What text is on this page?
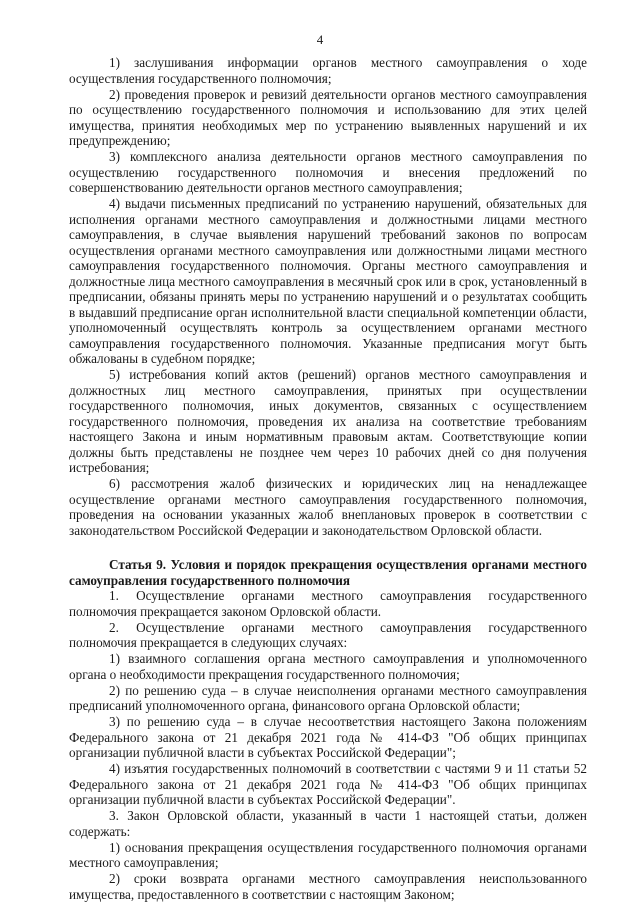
4

1) заслушивания информации органов местного самоуправления о ходе осуществления государственного полномочия;

2) проведения проверок и ревизий деятельности органов местного самоуправления по осуществлению государственного полномочия и использованию для этих целей имущества, принятия необходимых мер по устранению выявленных нарушений и их предупреждению;

3) комплексного анализа деятельности органов местного самоуправления по осуществлению государственного полномочия и внесения предложений по совершенствованию деятельности органов местного самоуправления;

4) выдачи письменных предписаний по устранению нарушений, обязательных для исполнения органами местного самоуправления и должностными лицами местного самоуправления, в случае выявления нарушений требований законов по вопросам осуществления органами местного самоуправления или должностными лицами местного самоуправления государственного полномочия. Органы местного самоуправления и должностные лица местного самоуправления в месячный срок или в срок, установленный в предписании, обязаны принять меры по устранению нарушений и о результатах сообщить в выдавший предписание орган исполнительной власти специальной компетенции области, уполномоченный осуществлять контроль за осуществлением органами местного самоуправления государственного полномочия. Указанные предписания могут быть обжалованы в судебном порядке;

5) истребования копий актов (решений) органов местного самоуправления и должностных лиц местного самоуправления, принятых при осуществлении государственного полномочия, иных документов, связанных с осуществлением государственного полномочия, проведения их анализа на соответствие требованиям настоящего Закона и иным нормативным правовым актам. Соответствующие копии должны быть представлены не позднее чем через 10 рабочих дней со дня получения истребования;

6) рассмотрения жалоб физических и юридических лиц на ненадлежащее осуществление органами местного самоуправления государственного полномочия, проведения на основании указанных жалоб внеплановых проверок в соответствии с законодательством Российской Федерации и законодательством Орловской области.

Статья 9. Условия и порядок прекращения осуществления органами местного самоуправления государственного полномочия

1. Осуществление органами местного самоуправления государственного полномочия прекращается законом Орловской области.

2. Осуществление органами местного самоуправления государственного полномочия прекращается в следующих случаях:

1) взаимного соглашения органа местного самоуправления и уполномоченного органа о необходимости прекращения государственного полномочия;

2) по решению суда – в случае неисполнения органами местного самоуправления предписаний уполномоченного органа, финансового органа Орловской области;

3) по решению суда – в случае несоответствия настоящего Закона положениям Федерального закона от 21 декабря 2021 года № 414-ФЗ "Об общих принципах организации публичной власти в субъектах Российской Федерации";

4) изъятия государственных полномочий в соответствии с частями 9 и 11 статьи 52 Федерального закона от 21 декабря 2021 года № 414-ФЗ "Об общих принципах организации публичной власти в субъектах Российской Федерации".

3. Закон Орловской области, указанный в части 1 настоящей статьи, должен содержать:

1) основания прекращения осуществления государственного полномочия органами местного самоуправления;

2) сроки возврата органами местного самоуправления неиспользованного имущества, предоставленного в соответствии с настоящим Законом;
